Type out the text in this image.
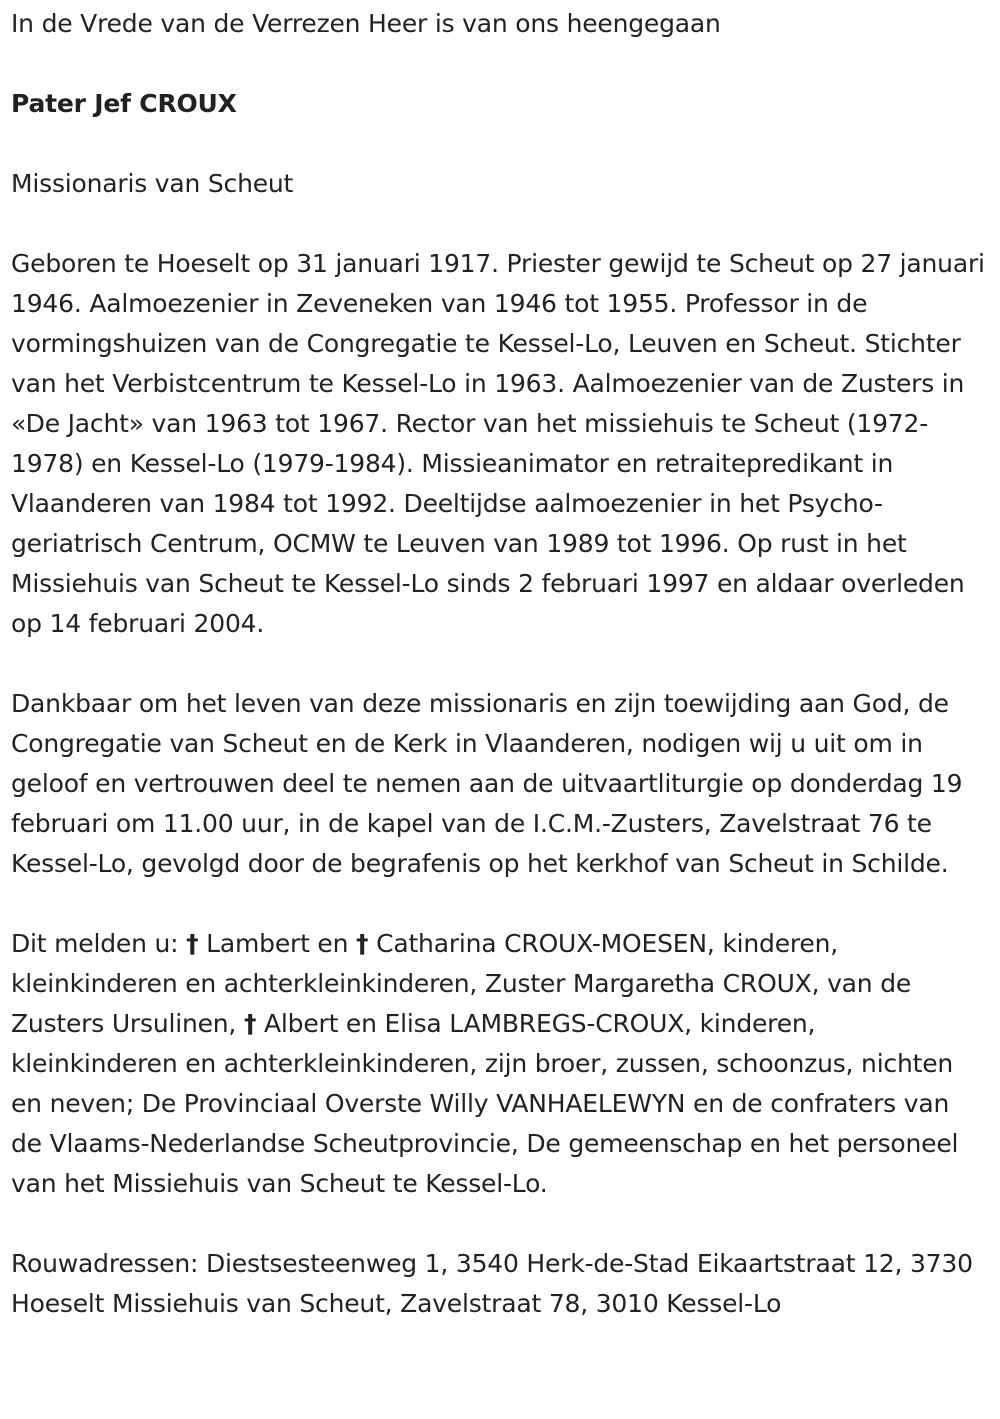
In de Vrede van de Verrezen Heer is van ons heengegaan

Pater Jef CROUX

Missionaris van Scheut

Geboren te Hoeselt op 31 januari 1917. Priester gewijd te Scheut op 27 januari 1946. Aalmoezenier in Zeveneken van 1946 tot 1955. Professor in de vormingshuizen van de Congregatie te Kessel-Lo, Leuven en Scheut. Stichter van het Verbistcentrum te Kessel-Lo in 1963. Aalmoezenier van de Zusters in «De Jacht» van 1963 tot 1967. Rector van het missiehuis te Scheut (1972-1978) en Kessel-Lo (1979-1984). Missieanimator en retraitepredikant in Vlaanderen van 1984 tot 1992. Deeltijdse aalmoezenier in het Psycho-geriatrisch Centrum, OCMW te Leuven van 1989 tot 1996. Op rust in het Missiehuis van Scheut te Kessel-Lo sinds 2 februari 1997 en aldaar overleden op 14 februari 2004.

Dankbaar om het leven van deze missionaris en zijn toewijding aan God, de Congregatie van Scheut en de Kerk in Vlaanderen, nodigen wij u uit om in geloof en vertrouwen deel te nemen aan de uitvaartliturgie op donderdag 19 februari om 11.00 uur, in de kapel van de I.C.M.-Zusters, Zavelstraat 76 te Kessel-Lo, gevolgd door de begrafenis op het kerkhof van Scheut in Schilde.

Dit melden u: † Lambert en † Catharina CROUX-MOESEN, kinderen, kleinkinderen en achterkleinkinderen, Zuster Margaretha CROUX, van de Zusters Ursulinen, † Albert en Elisa LAMBREGS-CROUX, kinderen, kleinkinderen en achterkleinkinderen, zijn broer, zussen, schoonzus, nichten en neven; De Provinciaal Overste Willy VANHAELEWYN en de confraters van de Vlaams-Nederlandse Scheutprovincie, De gemeenschap en het personeel van het Missiehuis van Scheut te Kessel-Lo.

Rouwadressen: Diestsesteenweg 1, 3540 Herk-de-Stad Eikaartstraat 12, 3730 Hoeselt Missiehuis van Scheut, Zavelstraat 78, 3010 Kessel-Lo
